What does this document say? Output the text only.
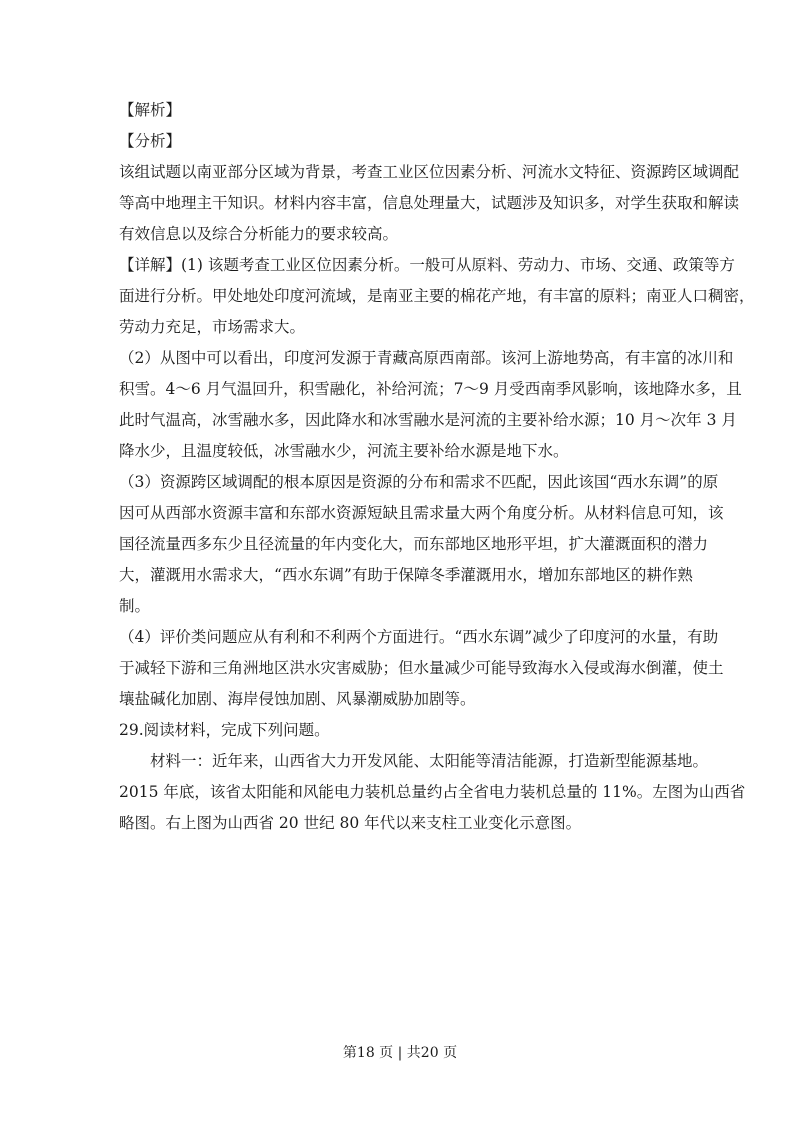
【解析】

【分析】

该组试题以南亚部分区域为背景，考查工业区位因素分析、河流水文特征、资源跨区域调配

等高中地理主干知识。材料内容丰富，信息处理量大，试题涉及知识多，对学生获取和解读

有效信息以及综合分析能力的要求较高。

【详解】(1) 该题考查工业区位因素分析。一般可从原料、劳动力、市场、交通、政策等方

面进行分析。甲处地处印度河流域，是南亚主要的棉花产地，有丰富的原料；南亚人口稠密，

劳动力充足，市场需求大。

（2）从图中可以看出，印度河发源于青藏高原西南部。该河上游地势高，有丰富的冰川和

积雪。4～6 月气温回升，积雪融化，补给河流；7～9 月受西南季风影响，该地降水多，且

此时气温高，冰雪融水多，因此降水和冰雪融水是河流的主要补给水源；10 月～次年 3 月

降水少，且温度较低，冰雪融水少，河流主要补给水源是地下水。

（3）资源跨区域调配的根本原因是资源的分布和需求不匹配，因此该国“西水东调”的原

因可从西部水资源丰富和东部水资源短缺且需求量大两个角度分析。从材料信息可知，该

国径流量西多东少且径流量的年内变化大，而东部地区地形平坦，扩大灌溉面积的潜力

大，灌溉用水需求大，“西水东调”有助于保障冬季灌溉用水，增加东部地区的耕作熟

制。

（4）评价类问题应从有利和不利两个方面进行。“西水东调”减少了印度河的水量，有助

于减轻下游和三角洲地区洪水灾害威胁；但水量减少可能导致海水入侵或海水倒灌，使土

壤盐碱化加剧、海岸侵蚀加剧、风暴潮威胁加剧等。

29.阅读材料，完成下列问题。

材料一：近年来，山西省大力开发风能、太阳能等清洁能源，打造新型能源基地。

2015 年底，该省太阳能和风能电力装机总量约占全省电力装机总量的 11%。左图为山西省

略图。右上图为山西省 20 世纪 80 年代以来支柱工业变化示意图。

第18 页 | 共20 页
